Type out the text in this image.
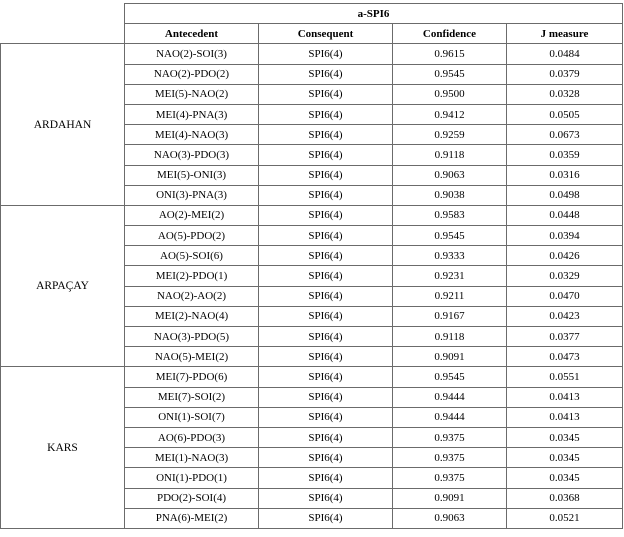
	a-SPI6			
	Antecedent	Consequent	Confidence	J measure
ARDAHAN	NAO(2)-SOI(3)	SPI6(4)	0.9615	0.0484
	NAO(2)-PDO(2)	SPI6(4)	0.9545	0.0379
	MEI(5)-NAO(2)	SPI6(4)	0.9500	0.0328
	MEI(4)-PNA(3)	SPI6(4)	0.9412	0.0505
	MEI(4)-NAO(3)	SPI6(4)	0.9259	0.0673
	NAO(3)-PDO(3)	SPI6(4)	0.9118	0.0359
	MEI(5)-ONI(3)	SPI6(4)	0.9063	0.0316
	ONI(3)-PNA(3)	SPI6(4)	0.9038	0.0498
ARPAÇAY	AO(2)-MEI(2)	SPI6(4)	0.9583	0.0448
	AO(5)-PDO(2)	SPI6(4)	0.9545	0.0394
	AO(5)-SOI(6)	SPI6(4)	0.9333	0.0426
	MEI(2)-PDO(1)	SPI6(4)	0.9231	0.0329
	NAO(2)-AO(2)	SPI6(4)	0.9211	0.0470
	MEI(2)-NAO(4)	SPI6(4)	0.9167	0.0423
	NAO(3)-PDO(5)	SPI6(4)	0.9118	0.0377
	NAO(5)-MEI(2)	SPI6(4)	0.9091	0.0473
KARS	MEI(7)-PDO(6)	SPI6(4)	0.9545	0.0551
	MEI(7)-SOI(2)	SPI6(4)	0.9444	0.0413
	ONI(1)-SOI(7)	SPI6(4)	0.9444	0.0413
	AO(6)-PDO(3)	SPI6(4)	0.9375	0.0345
	MEI(1)-NAO(3)	SPI6(4)	0.9375	0.0345
	ONI(1)-PDO(1)	SPI6(4)	0.9375	0.0345
	PDO(2)-SOI(4)	SPI6(4)	0.9091	0.0368
	PNA(6)-MEI(2)	SPI6(4)	0.9063	0.0521
